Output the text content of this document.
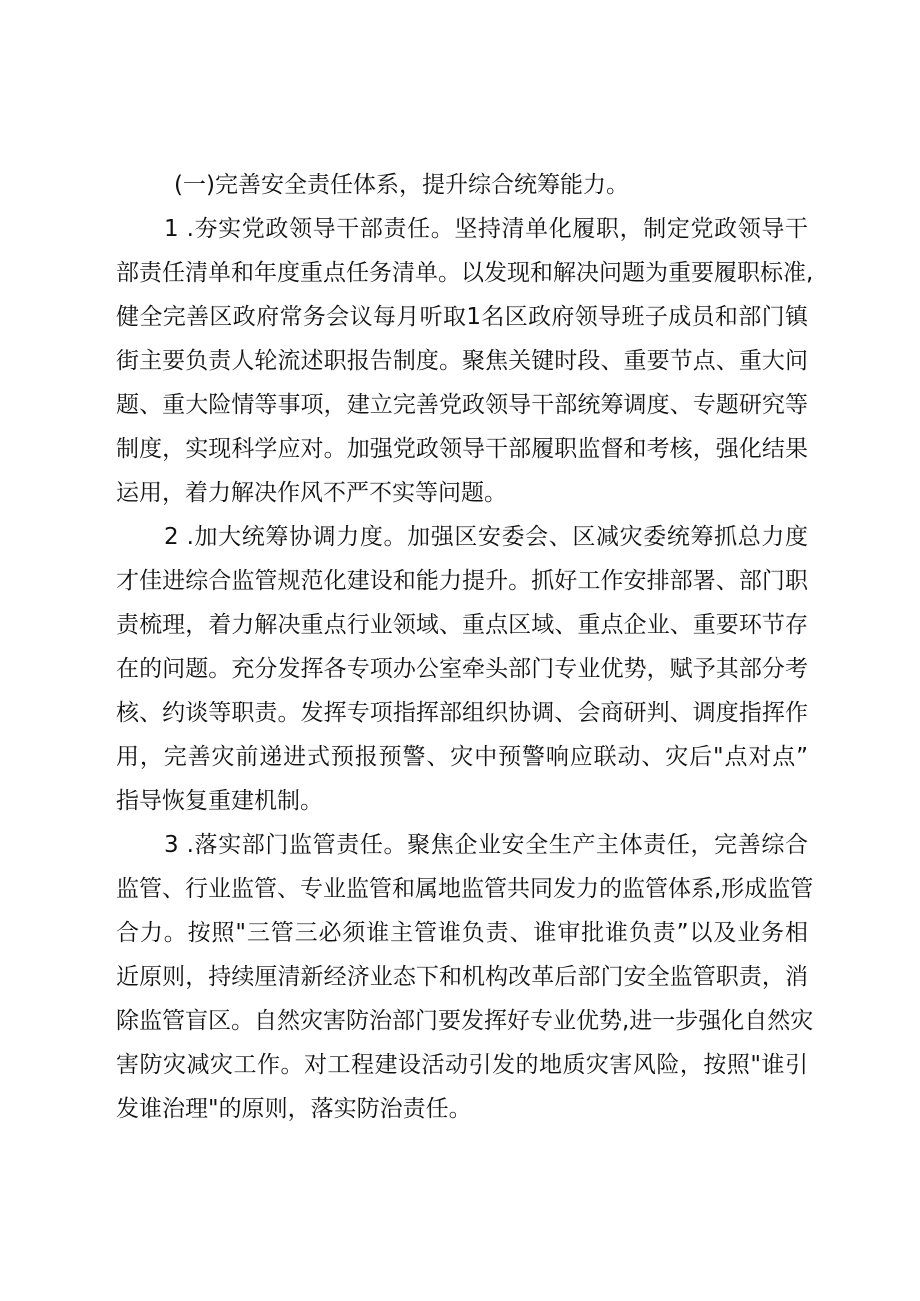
(一)完善安全责任体系，提升综合统筹能力。

1 .夯实党政领导干部责任。坚持清单化履职，制定党政领导干
部责任清单和年度重点任务清单。以发现和解决问题为重要履职标准,
健全完善区政府常务会议每月听取1名区政府领导班子成员和部门镇
街主要负责人轮流述职报告制度。聚焦关键时段、重要节点、重大问
题、重大险情等事项，建立完善党政领导干部统筹调度、专题研究等
制度，实现科学应对。加强党政领导干部履职监督和考核，强化结果
运用，着力解决作风不严不实等问题。

2 .加大统筹协调力度。加强区安委会、区减灾委统筹抓总力度
才佳进综合监管规范化建设和能力提升。抓好工作安排部署、部门职
责梳理，着力解决重点行业领域、重点区域、重点企业、重要环节存
在的问题。充分发挥各专项办公室牵头部门专业优势，赋予其部分考
核、约谈等职责。发挥专项指挥部组织协调、会商研判、调度指挥作
用，完善灾前递进式预报预警、灾中预警响应联动、灾后"点对点”
指导恢复重建机制。

3 .落实部门监管责任。聚焦企业安全生产主体责任，完善综合
监管、行业监管、专业监管和属地监管共同发力的监管体系,形成监管
合力。按照"三管三必须谁主管谁负责、谁审批谁负责”以及业务相
近原则，持续厘清新经济业态下和机构改革后部门安全监管职责，消
除监管盲区。自然灾害防治部门要发挥好专业优势,进一步强化自然灾
害防灾减灾工作。对工程建设活动引发的地质灾害风险，按照"谁引
发谁治理"的原则，落实防治责任。
